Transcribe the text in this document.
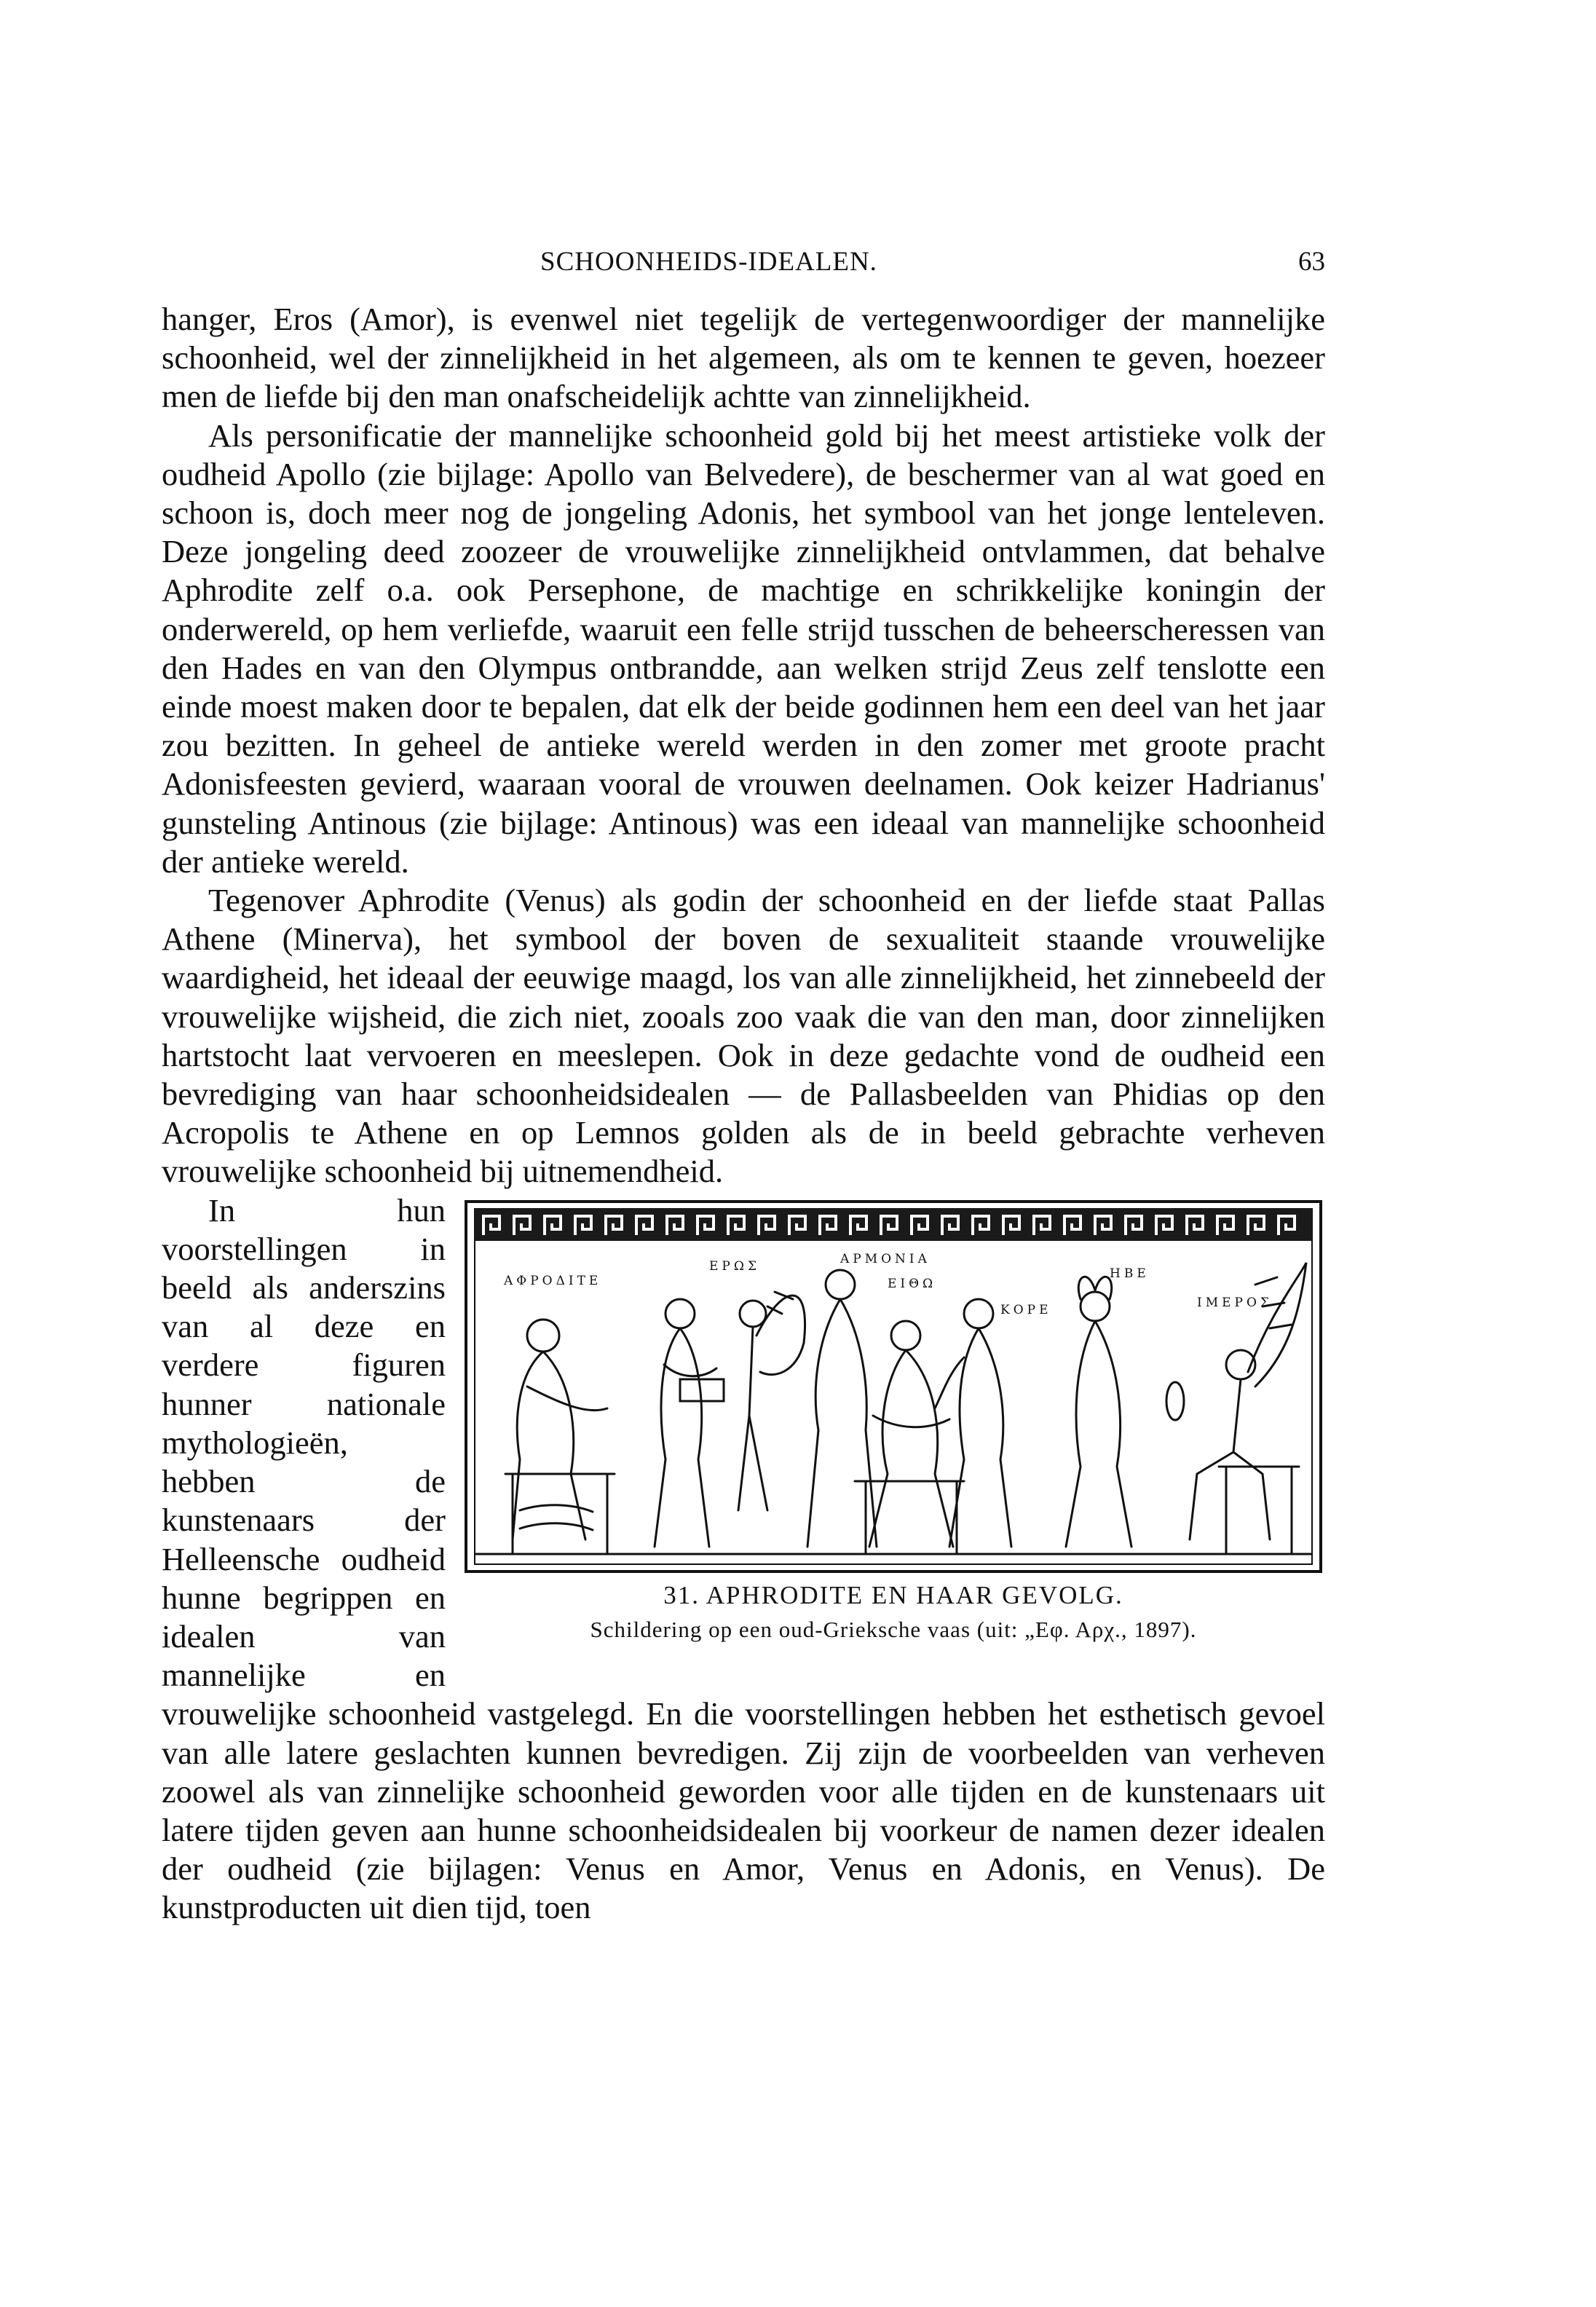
SCHOONHEIDS-IDEALEN.	63

hanger, Eros (Amor), is evenwel niet tegelijk de vertegenwoordiger der mannelijke schoonheid, wel der zinnelijkheid in het algemeen, als om te kennen te geven, hoezeer men de liefde bij den man onafscheidelijk achtte van zinnelijkheid.

Als personificatie der mannelijke schoonheid gold bij het meest artistieke volk der oudheid Apollo (zie bijlage: Apollo van Belvedere), de beschermer van al wat goed en schoon is, doch meer nog de jongeling Adonis, het symbool van het jonge lenteleven. Deze jongeling deed zoozeer de vrouwelijke zinnelijkheid ontvlammen, dat behalve Aphrodite zelf o.a. ook Persephone, de machtige en schrikkelijke koningin der onderwereld, op hem verliefde, waaruit een felle strijd tusschen de beheerscheressen van den Hades en van den Olympus ontbrandde, aan welken strijd Zeus zelf tenslotte een einde moest maken door te bepalen, dat elk der beide godinnen hem een deel van het jaar zou bezitten. In geheel de antieke wereld werden in den zomer met groote pracht Adonisfeesten gevierd, waaraan vooral de vrouwen deelnamen. Ook keizer Hadrianus' gunsteling Antinous (zie bijlage: Antinous) was een ideaal van mannelijke schoonheid der antieke wereld.

Tegenover Aphrodite (Venus) als godin der schoonheid en der liefde staat Pallas Athene (Minerva), het symbool der boven de sexualiteit staande vrouwelijke waardigheid, het ideaal der eeuwige maagd, los van alle zinnelijkheid, het zinnebeeld der vrouwelijke wijsheid, die zich niet, zooals zoo vaak die van den man, door zinnelijken hartstocht laat vervoeren en meeslepen. Ook in deze gedachte vond de oudheid een bevrediging van haar schoonheidsidealen — de Pallasbeelden van Phidias op den Acropolis te Athene en op Lemnos golden als de in beeld gebrachte verheven vrouwelijke schoonheid bij uitnemendheid.

ΑΦΡΟΔΙΤΕ
ΕΡΩΣ	ΑΡΜΟΝΙΑ
ΕΙΘΩ
ΚΟΡΕ
ΗΒΕ
ΙΜΕΡΟΣ
31. APHRODITE EN HAAR GEVOLG.
Schildering op een oud-Grieksche vaas (uit: „Εφ. Αρχ., 1897).

In hun voorstellingen in beeld als anderszins van al deze en verdere figuren hunner nationale mythologieën, hebben de kunstenaars der Helleensche oudheid hunne begrippen en idealen van mannelijke en vrouwelijke schoonheid vastgelegd. En die voorstellingen hebben het esthetisch gevoel van alle latere geslachten kunnen bevredigen. Zij zijn de voorbeelden van verheven zoowel als van zinnelijke schoonheid geworden voor alle tijden en de kunstenaars uit latere tijden geven aan hunne schoonheidsidealen bij voorkeur de namen dezer idealen der oudheid (zie bijlagen: Venus en Amor, Venus en Adonis, en Venus). De kunstproducten uit dien tijd, toen
